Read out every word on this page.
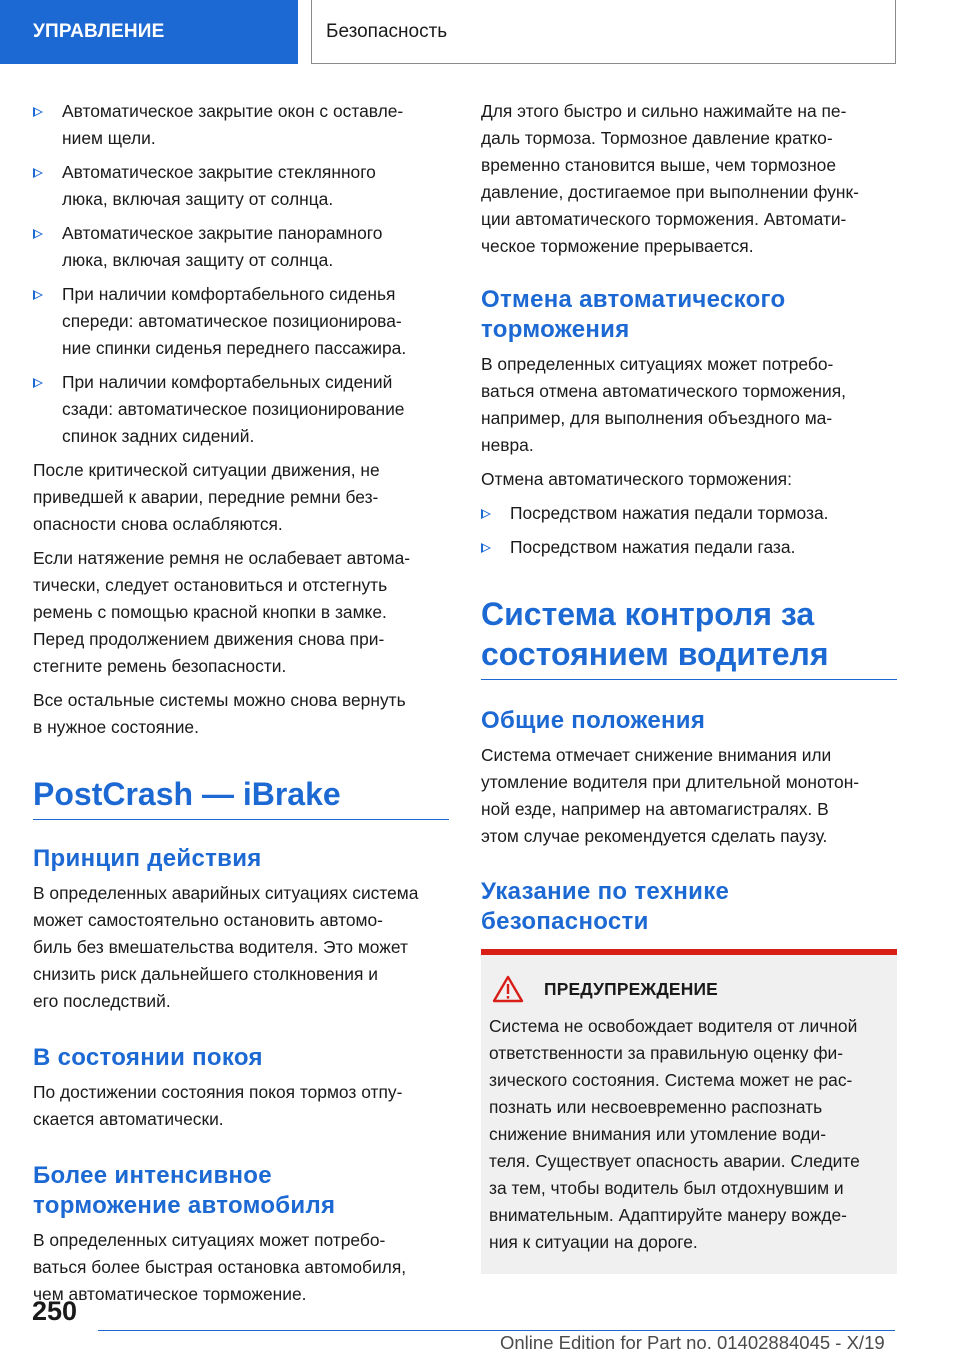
УПРАВЛЕНИЕ	Безопасность
Автоматическое закрытие окон с оставле-
нием щели.
Автоматическое закрытие стеклянного
люка, включая защиту от солнца.
Автоматическое закрытие панорамного
люка, включая защиту от солнца.
При наличии комфортабельного сиденья
спереди: автоматическое позиционирова-
ние спинки сиденья переднего пассажира.
При наличии комфортабельных сидений
сзади: автоматическое позиционирование
спинок задних сидений.

После критической ситуации движения, не
приведшей к аварии, передние ремни без-
опасности снова ослабляются.

Если натяжение ремня не ослабевает автома-
тически, следует остановиться и отстегнуть
ремень с помощью красной кнопки в замке.
Перед продолжением движения снова при-
стегните ремень безопасности.

Все остальные системы можно снова вернуть
в нужное состояние.

PostCrash — iBrake
Принцип действия

В определенных аварийных ситуациях система
может самостоятельно остановить автомо-
биль без вмешательства водителя. Это может
снизить риск дальнейшего столкновения и
его последствий.

В состоянии покоя

По достижении состояния покоя тормоз отпу-
скается автоматически.

Более интенсивное
торможение автомобиля

В определенных ситуациях может потребо-
ваться более быстрая остановка автомобиля,
чем автоматическое торможение.

Для этого быстро и сильно нажимайте на пе-
даль тормоза. Тормозное давление кратко-
временно становится выше, чем тормозное
давление, достигаемое при выполнении функ-
ции автоматического торможения. Автомати-
ческое торможение прерывается.

Отмена автоматического
торможения

В определенных ситуациях может потребо-
ваться отмена автоматического торможения,
например, для выполнения объездного ма-
невра.

Отмена автоматического торможения:

Посредством нажатия педали тормоза.
Посредством нажатия педали газа.
Система контроля за
состоянием водителя
Общие положения

Система отмечает снижение внимания или
утомление водителя при длительной монотон-
ной езде, например на автомагистралях. В
этом случае рекомендуется сделать паузу.

Указание по технике
безопасности
ПРЕДУПРЕЖДЕНИЕ

Система не освобождает водителя от личной
ответственности за правильную оценку фи-
зического состояния. Система может не рас-
познать или несвоевременно распознать
снижение внимания или утомление води-
теля. Существует опасность аварии. Следите
за тем, чтобы водитель был отдохнувшим и
внимательным. Адаптируйте манеру вожде-
ния к ситуации на дороге.

250
Online Edition for Part no. 01402884045 - X/19
